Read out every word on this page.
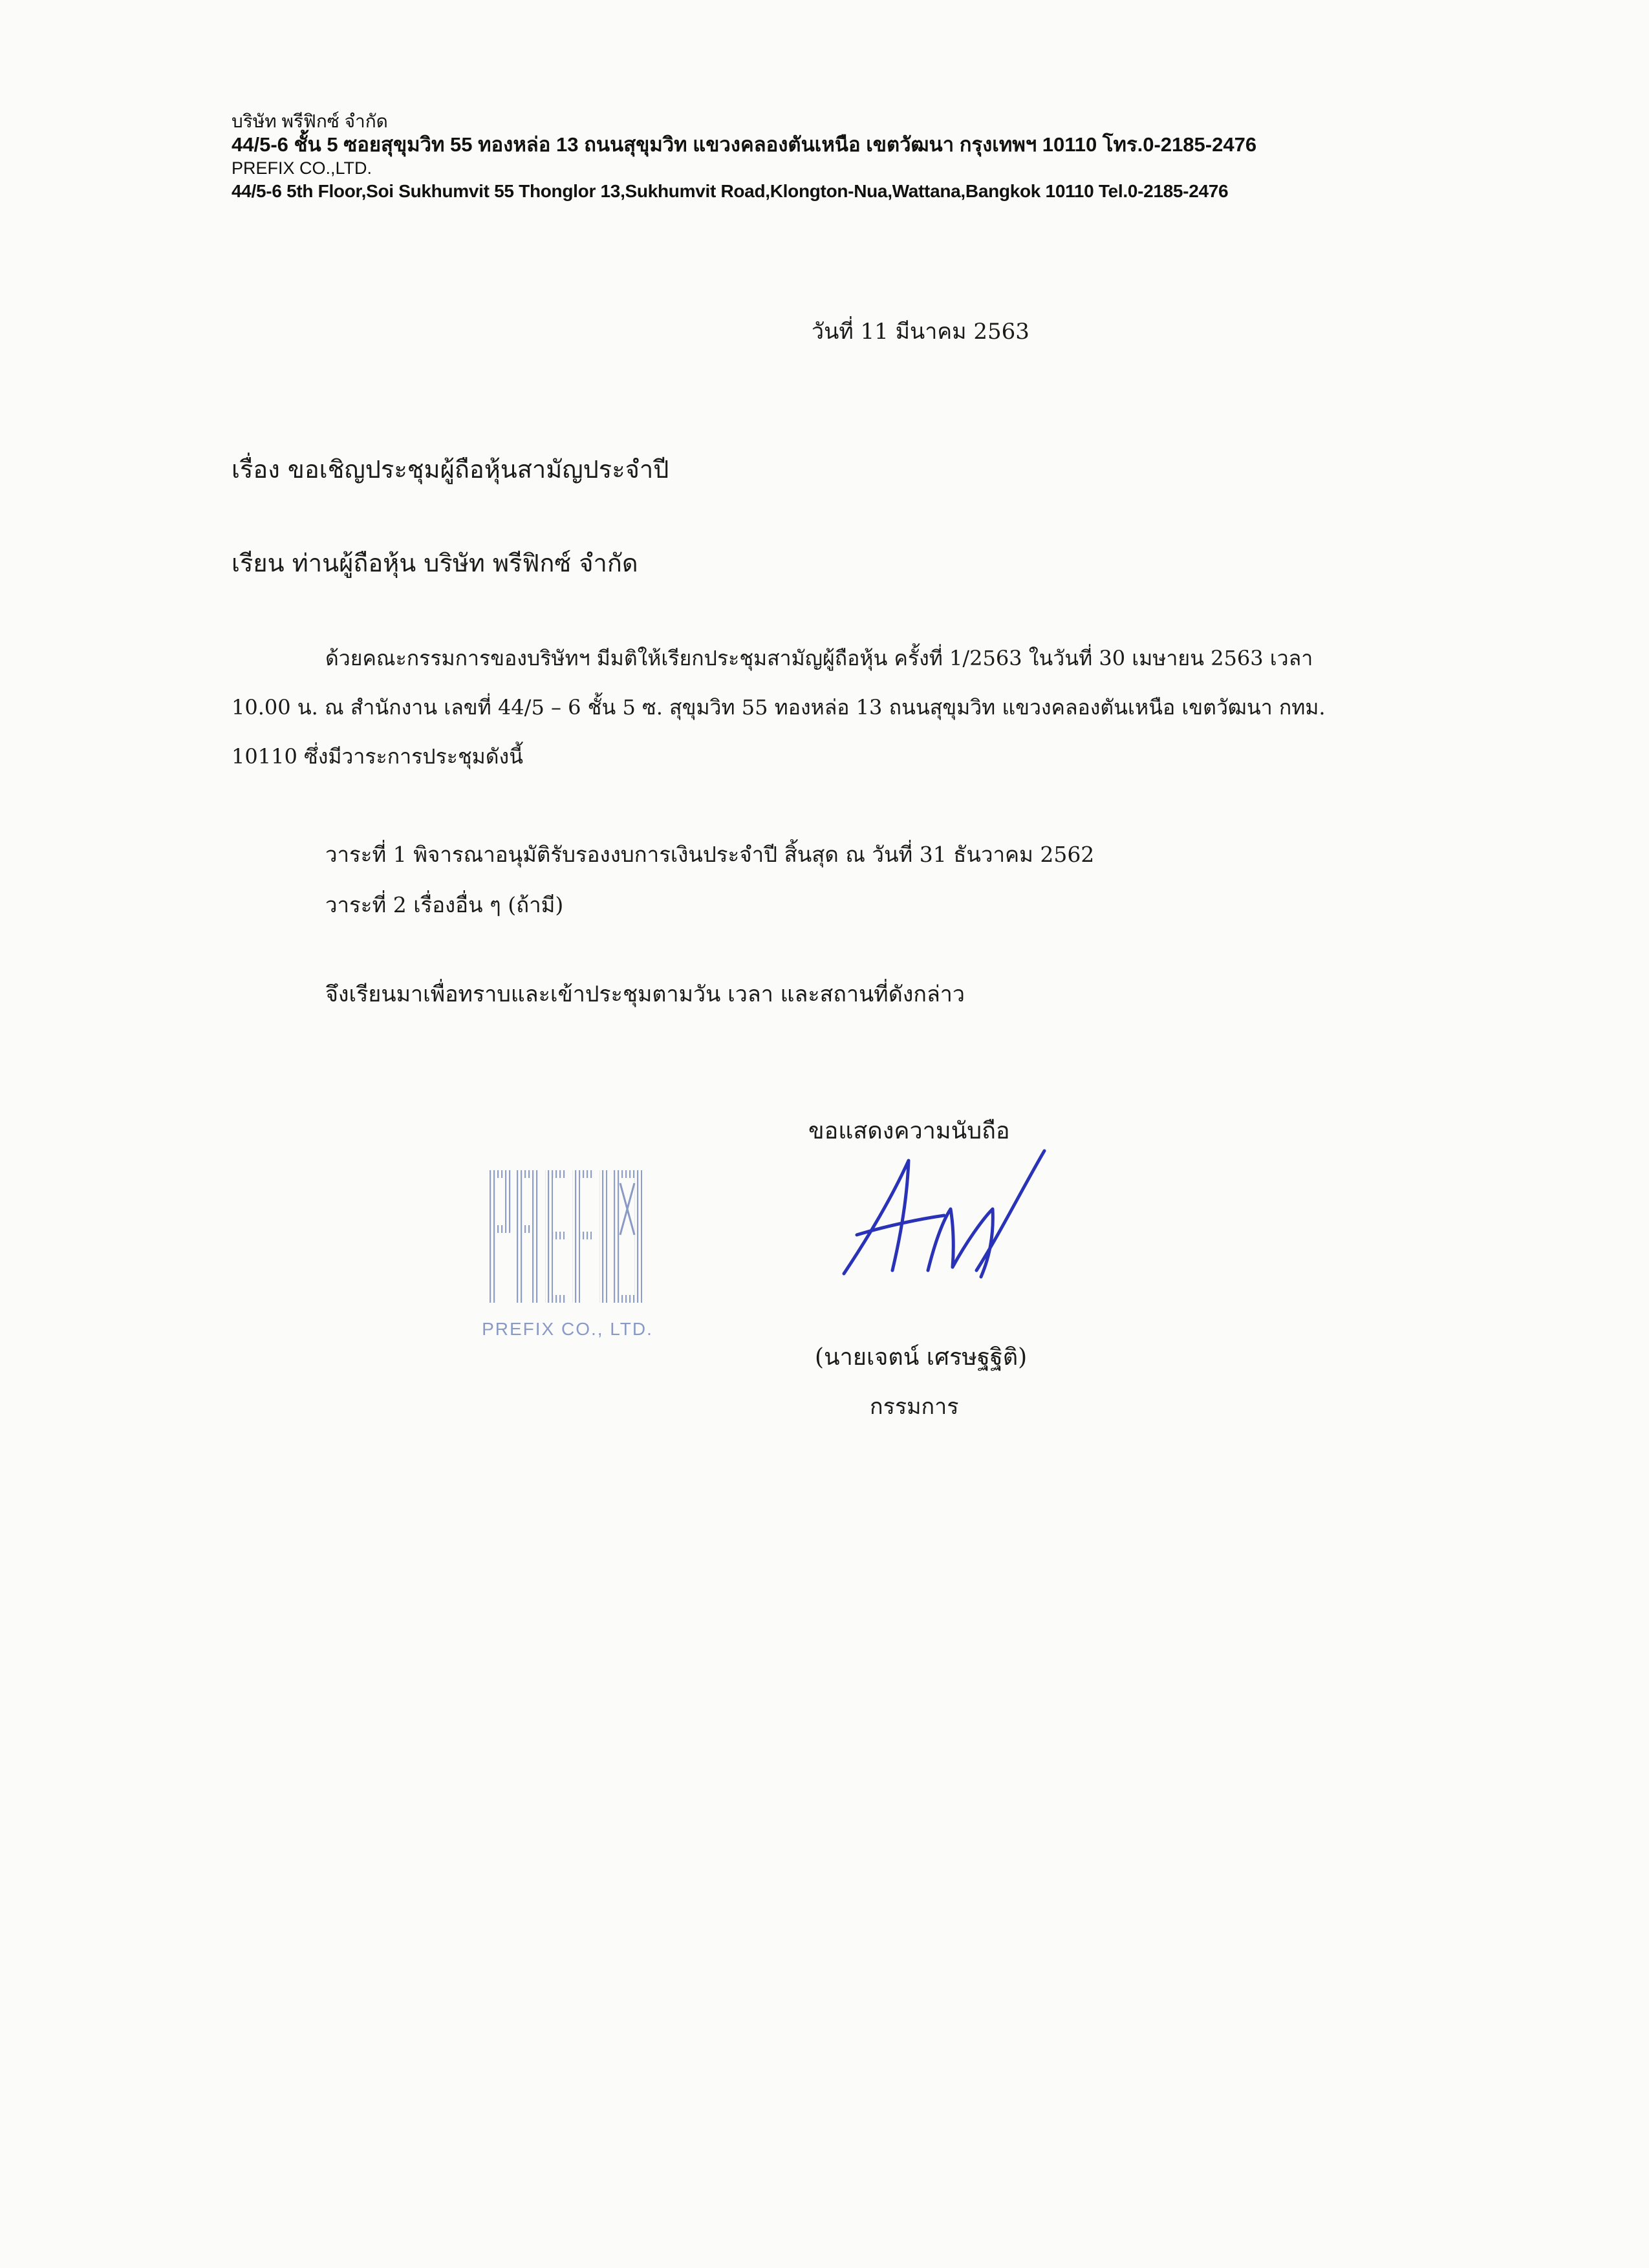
บริษัท พรีฟิกซ์ จำกัด
44/5-6 ชั้น 5 ซอยสุขุมวิท 55 ทองหล่อ 13 ถนนสุขุมวิท แขวงคลองตันเหนือ เขตวัฒนา กรุงเทพฯ 10110 โทร.0-2185-2476
PREFIX CO.,LTD.
44/5-6 5th Floor,Soi Sukhumvit 55 Thonglor 13,Sukhumvit Road,Klongton-Nua,Wattana,Bangkok 10110 Tel.0-2185-2476
วันที่ 11 มีนาคม 2563
เรื่อง ขอเชิญประชุมผู้ถือหุ้นสามัญประจำปี
เรียน ท่านผู้ถือหุ้น บริษัท พรีฟิกซ์ จำกัด
ด้วยคณะกรรมการของบริษัทฯ มีมติให้เรียกประชุมสามัญผู้ถือหุ้น ครั้งที่ 1/2563 ในวันที่ 30 เมษายน 2563 เวลา
10.00 น. ณ สำนักงาน เลขที่ 44/5 – 6 ชั้น 5 ซ. สุขุมวิท 55 ทองหล่อ 13 ถนนสุขุมวิท แขวงคลองตันเหนือ เขตวัฒนา กทม.
10110 ซึ่งมีวาระการประชุมดังนี้
วาระที่ 1 พิจารณาอนุมัติรับรองงบการเงินประจำปี สิ้นสุด ณ วันที่ 31 ธันวาคม 2562
วาระที่ 2 เรื่องอื่น ๆ (ถ้ามี)
จึงเรียนมาเพื่อทราบและเข้าประชุมตามวัน เวลา และสถานที่ดังกล่าว
PREFIX CO., LTD.
ขอแสดงความนับถือ
(นายเจตน์ เศรษฐฐิติ)
กรรมการ
